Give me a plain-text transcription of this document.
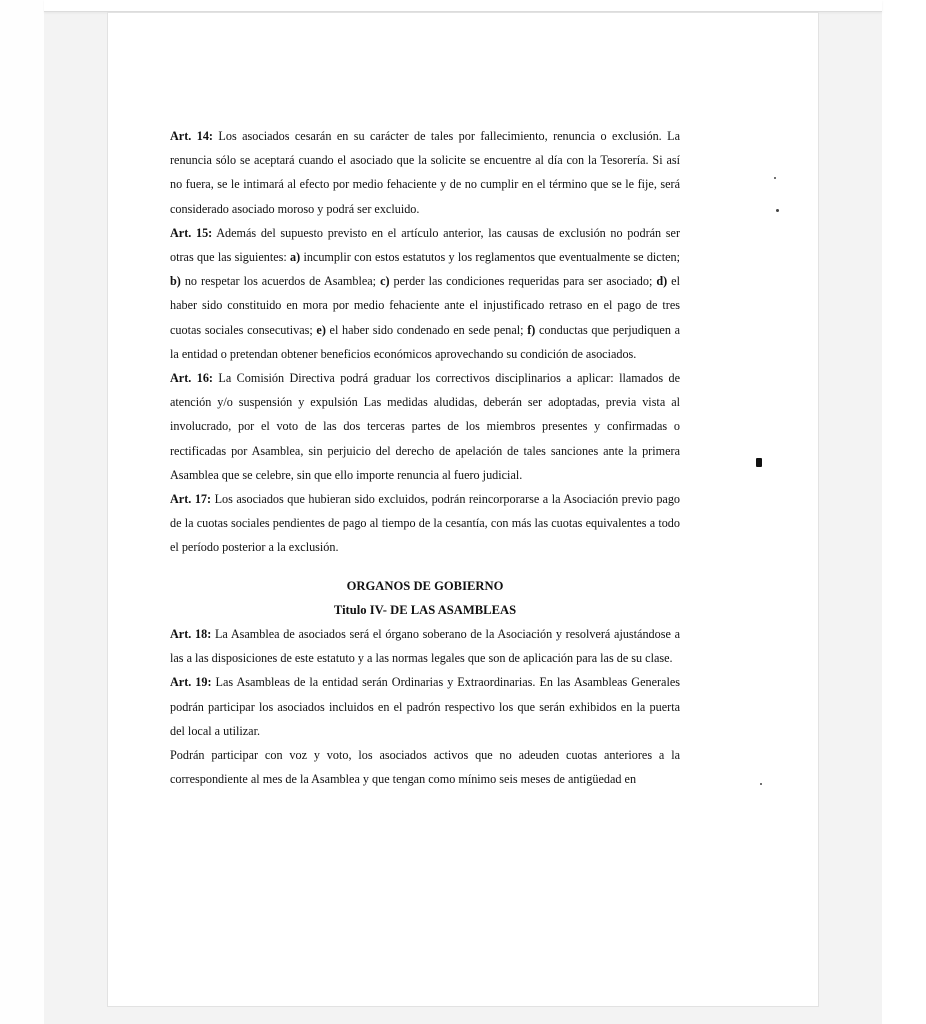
Art. 14: Los asociados cesarán en su carácter de tales por fallecimiento, renuncia o exclusión. La renuncia sólo se aceptará cuando el asociado que la solicite se encuentre al día con la Tesorería. Si así no fuera, se le intimará al efecto por medio fehaciente y de no cumplir en el término que se le fije, será considerado asociado moroso y podrá ser excluido.

Art. 15: Además del supuesto previsto en el artículo anterior, las causas de exclusión no podrán ser otras que las siguientes: a) incumplir con estos estatutos y los reglamentos que eventualmente se dicten; b) no respetar los acuerdos de Asamblea; c) perder las condiciones requeridas para ser asociado; d) el haber sido constituido en mora por medio fehaciente ante el injustificado retraso en el pago de tres cuotas sociales consecutivas; e) el haber sido condenado en sede penal; f) conductas que perjudiquen a la entidad o pretendan obtener beneficios económicos aprovechando su condición de asociados.

Art. 16: La Comisión Directiva podrá graduar los correctivos disciplinarios a aplicar: llamados de atención y/o suspensión y expulsión Las medidas aludidas, deberán ser adoptadas, previa vista al involucrado, por el voto de las dos terceras partes de los miembros presentes y confirmadas o rectificadas por Asamblea, sin perjuicio del derecho de apelación de tales sanciones ante la primera Asamblea que se celebre, sin que ello importe renuncia al fuero judicial.

Art. 17: Los asociados que hubieran sido excluidos, podrán reincorporarse a la Asociación previo pago de la cuotas sociales pendientes de pago al tiempo de la cesantía, con más las cuotas equivalentes a todo el período posterior a la exclusión.

ORGANOS DE GOBIERNO

Titulo IV- DE LAS ASAMBLEAS

Art. 18: La Asamblea de asociados será el órgano soberano de la Asociación y resolverá ajustándose a las a las disposiciones de este estatuto y a las normas legales que son de aplicación para las de su clase.

Art. 19: Las Asambleas de la entidad serán Ordinarias y Extraordinarias. En las Asambleas Generales podrán participar los asociados incluidos en el padrón respectivo los que serán exhibidos en la puerta del local a utilizar.

Podrán participar con voz y voto, los asociados activos que no adeuden cuotas anteriores a la correspondiente al mes de la Asamblea y que tengan como mínimo seis meses de antigüedad en
